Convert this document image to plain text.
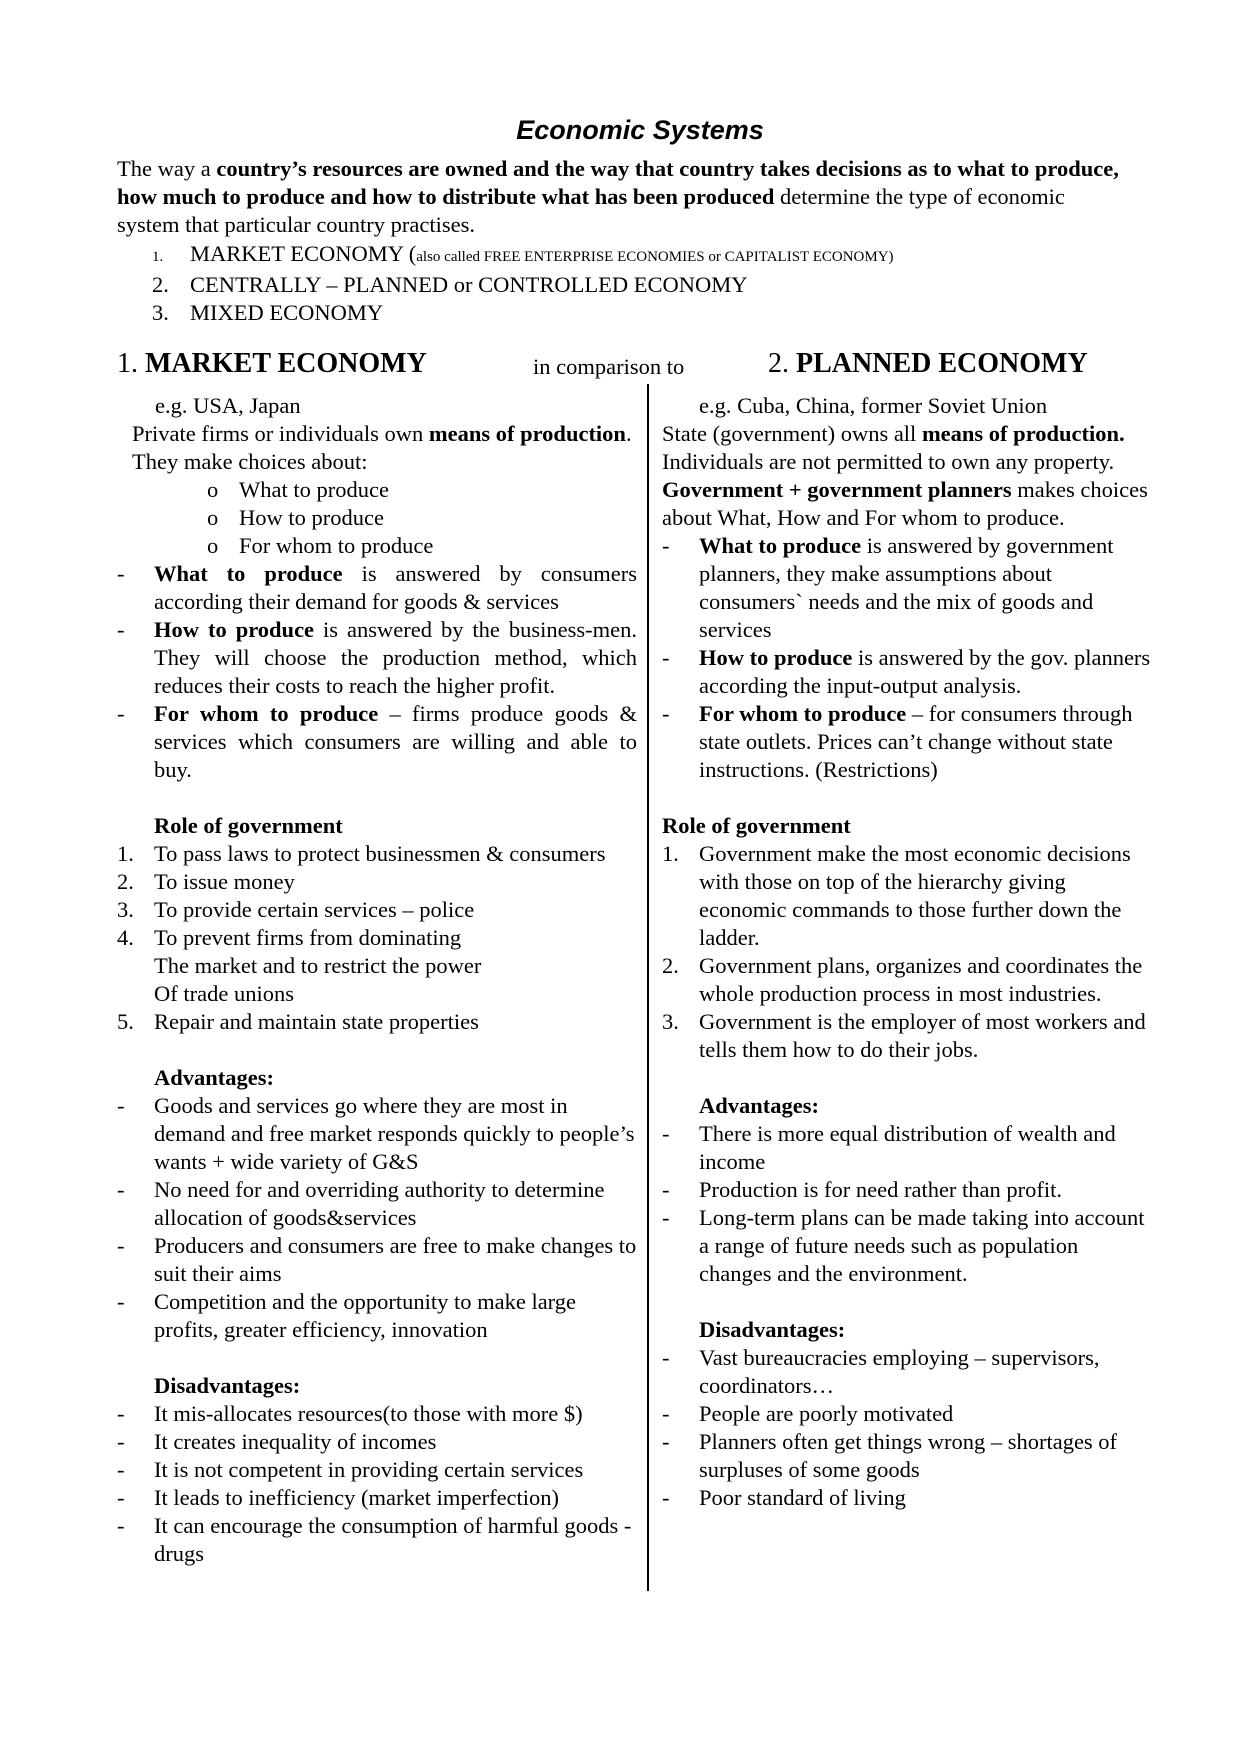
Economic Systems
The way a country’s resources are owned and the way that country takes decisions as to what to produce, how much to produce and how to distribute what has been produced determine the type of economic system that particular country practises.
1. MARKET ECONOMY (also called FREE ENTERPRISE ECONOMIES or CAPITALIST ECONOMY)
2. CENTRALLY – PLANNED or CONTROLLED ECONOMY
3. MIXED ECONOMY
1. MARKET ECONOMY	in comparison to	2. PLANNED ECONOMY
e.g. USA, Japan
Private firms or individuals own means of production. They make choices about:
o What to produce
o How to produce
o For whom to produce
-	What to produce is answered by consumers according their demand for goods & services
-	How to produce is answered by the business-men. They will choose the production method, which reduces their costs to reach the higher profit.
-	For whom to produce – firms produce goods & services which consumers are willing and able to buy.
Role of government
1. To pass laws to protect businessmen & consumers
2. To issue money
3. To provide certain services – police
4. To prevent firms from dominating
The market and to restrict the power
Of trade unions
5. Repair and maintain state properties
Advantages:
-	Goods and services go where they are most in demand and free market responds quickly to people’s wants + wide variety of G&S
-	No need for and overriding authority to determine allocation of goods&services
-	Producers and consumers are free to make changes to suit their aims
-	Competition and the opportunity to make large profits, greater efficiency, innovation
Disadvantages:
-	It mis-allocates resources(to those with more $)
-	It creates inequality of incomes
-	It is not competent in providing certain services
-	It leads to inefficiency (market imperfection)
-	It can encourage the consumption of harmful goods - drugs
e.g. Cuba, China, former Soviet Union
State (government) owns all means of production. Individuals are not permitted to own any property. Government + government planners makes choices about What, How and For whom to produce.
-	What to produce is answered by government planners, they make assumptions about consumers` needs and the mix of goods and services
-	How to produce is answered by the gov. planners according the input-output analysis.
-	For whom to produce – for consumers through state outlets. Prices can’t change without state instructions. (Restrictions)
Role of government
1. Government make the most economic decisions with those on top of the hierarchy giving economic commands to those further down the ladder.
2. Government plans, organizes and coordinates the whole production process in most industries.
3. Government is the employer of most workers and tells them how to do their jobs.
Advantages:
-	There is more equal distribution of wealth and income
-	Production is for need rather than profit.
-	Long-term plans can be made taking into account a range of future needs such as population changes and the environment.
Disadvantages:
-	Vast bureaucracies employing – supervisors, coordinators…
-	People are poorly motivated
-	Planners often get things wrong – shortages of surpluses of some goods
-	Poor standard of living
